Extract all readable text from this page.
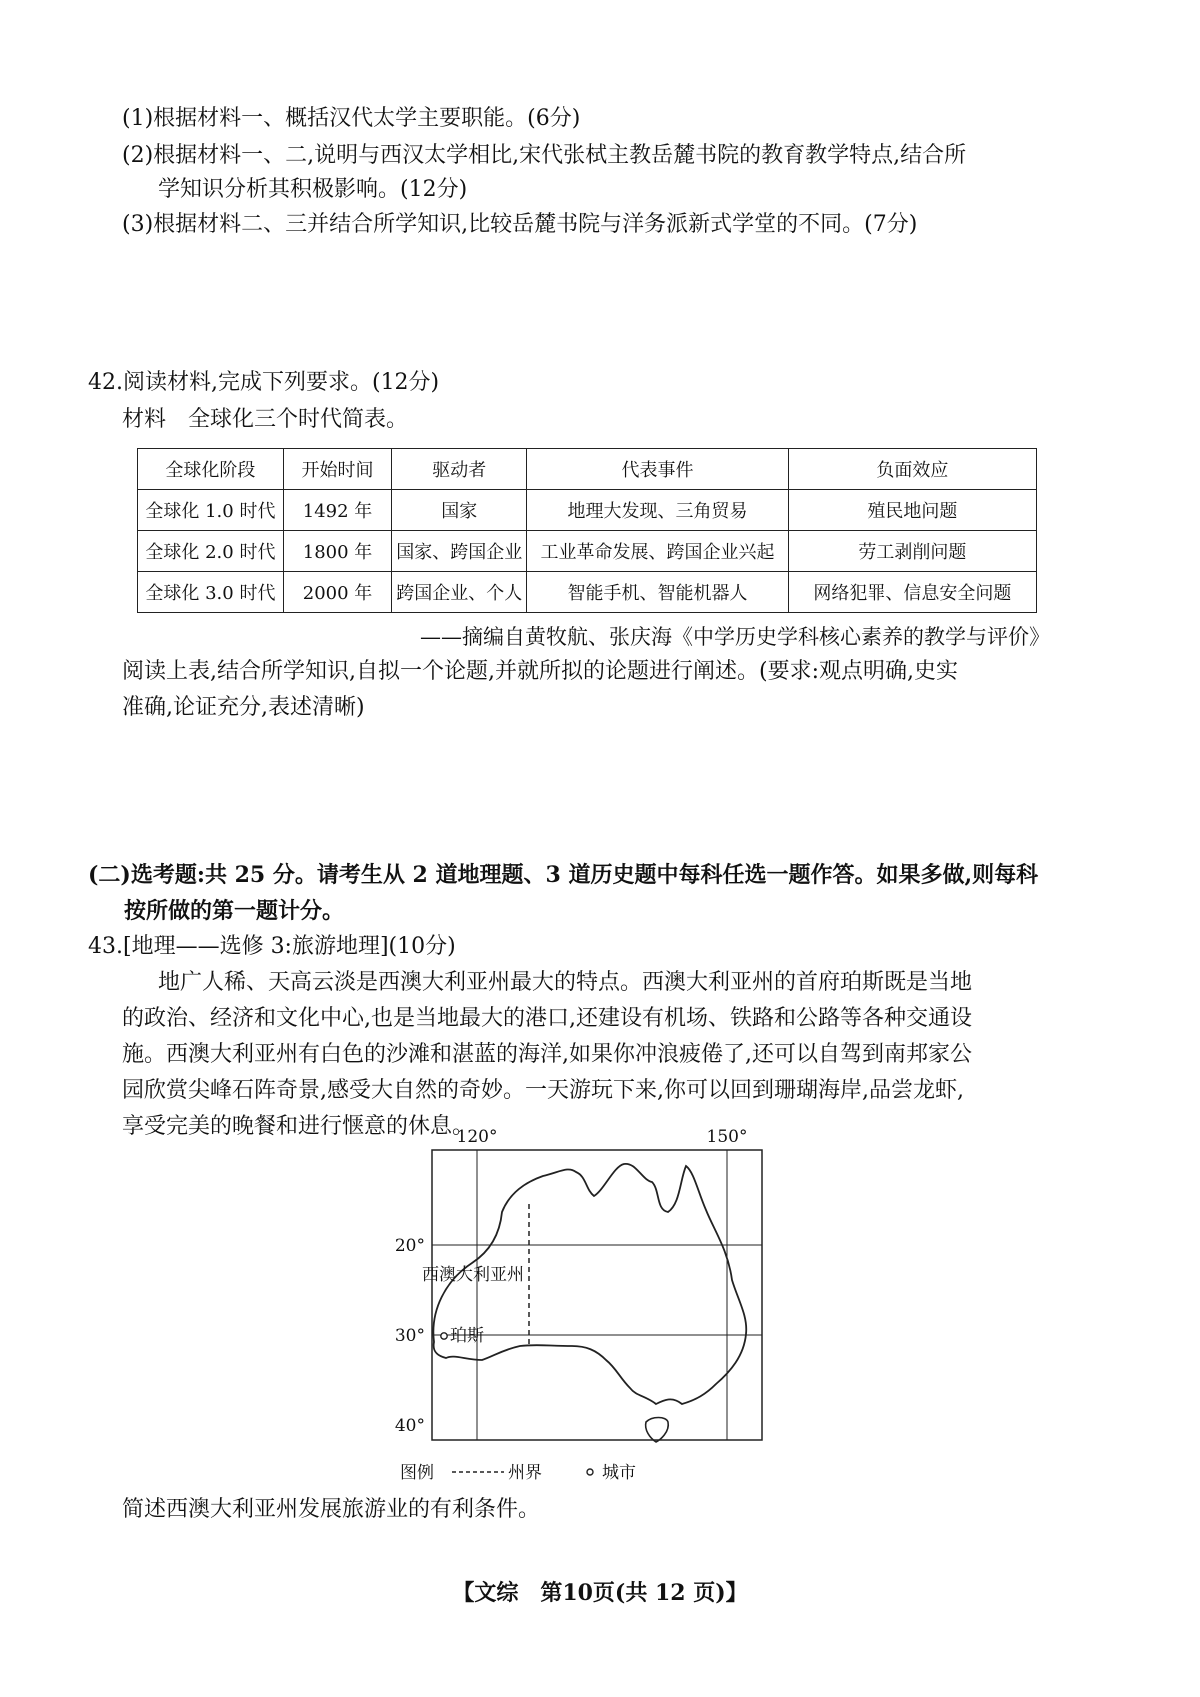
(1)根据材料一、概括汉代太学主要职能。(6分)
(2)根据材料一、二,说明与西汉太学相比,宋代张栻主教岳麓书院的教育教学特点,结合所
学知识分析其积极影响。(12分)
(3)根据材料二、三并结合所学知识,比较岳麓书院与洋务派新式学堂的不同。(7分)
42.阅读材料,完成下列要求。(12分)
材料　全球化三个时代简表。
全球化阶段	开始时间	驱动者	代表事件	负面效应
全球化 1.0 时代	1492 年	国家	地理大发现、三角贸易	殖民地问题
全球化 2.0 时代	1800 年	国家、跨国企业	工业革命发展、跨国企业兴起	劳工剥削问题
全球化 3.0 时代	2000 年	跨国企业、个人	智能手机、智能机器人	网络犯罪、信息安全问题
——摘编自黄牧航、张庆海《中学历史学科核心素养的教学与评价》
阅读上表,结合所学知识,自拟一个论题,并就所拟的论题进行阐述。(要求:观点明确,史实
准确,论证充分,表述清晰)
(二)选考题:共 25 分。请考生从 2 道地理题、3 道历史题中每科任选一题作答。如果多做,则每科
按所做的第一题计分。
43.[地理——选修 3:旅游地理](10分)
地广人稀、天高云淡是西澳大利亚州最大的特点。西澳大利亚州的首府珀斯既是当地
的政治、经济和文化中心,也是当地最大的港口,还建设有机场、铁路和公路等各种交通设
施。西澳大利亚州有白色的沙滩和湛蓝的海洋,如果你冲浪疲倦了,还可以自驾到南邦家公
园欣赏尖峰石阵奇景,感受大自然的奇妙。一天游玩下来,你可以回到珊瑚海岸,品尝龙虾,
享受完美的晚餐和进行惬意的休息。
120°	150°
20°
30°
40°
珀斯
西澳大利亚州
图例	州界	城市
简述西澳大利亚州发展旅游业的有利条件。
【文综　第10页(共 12 页)】
